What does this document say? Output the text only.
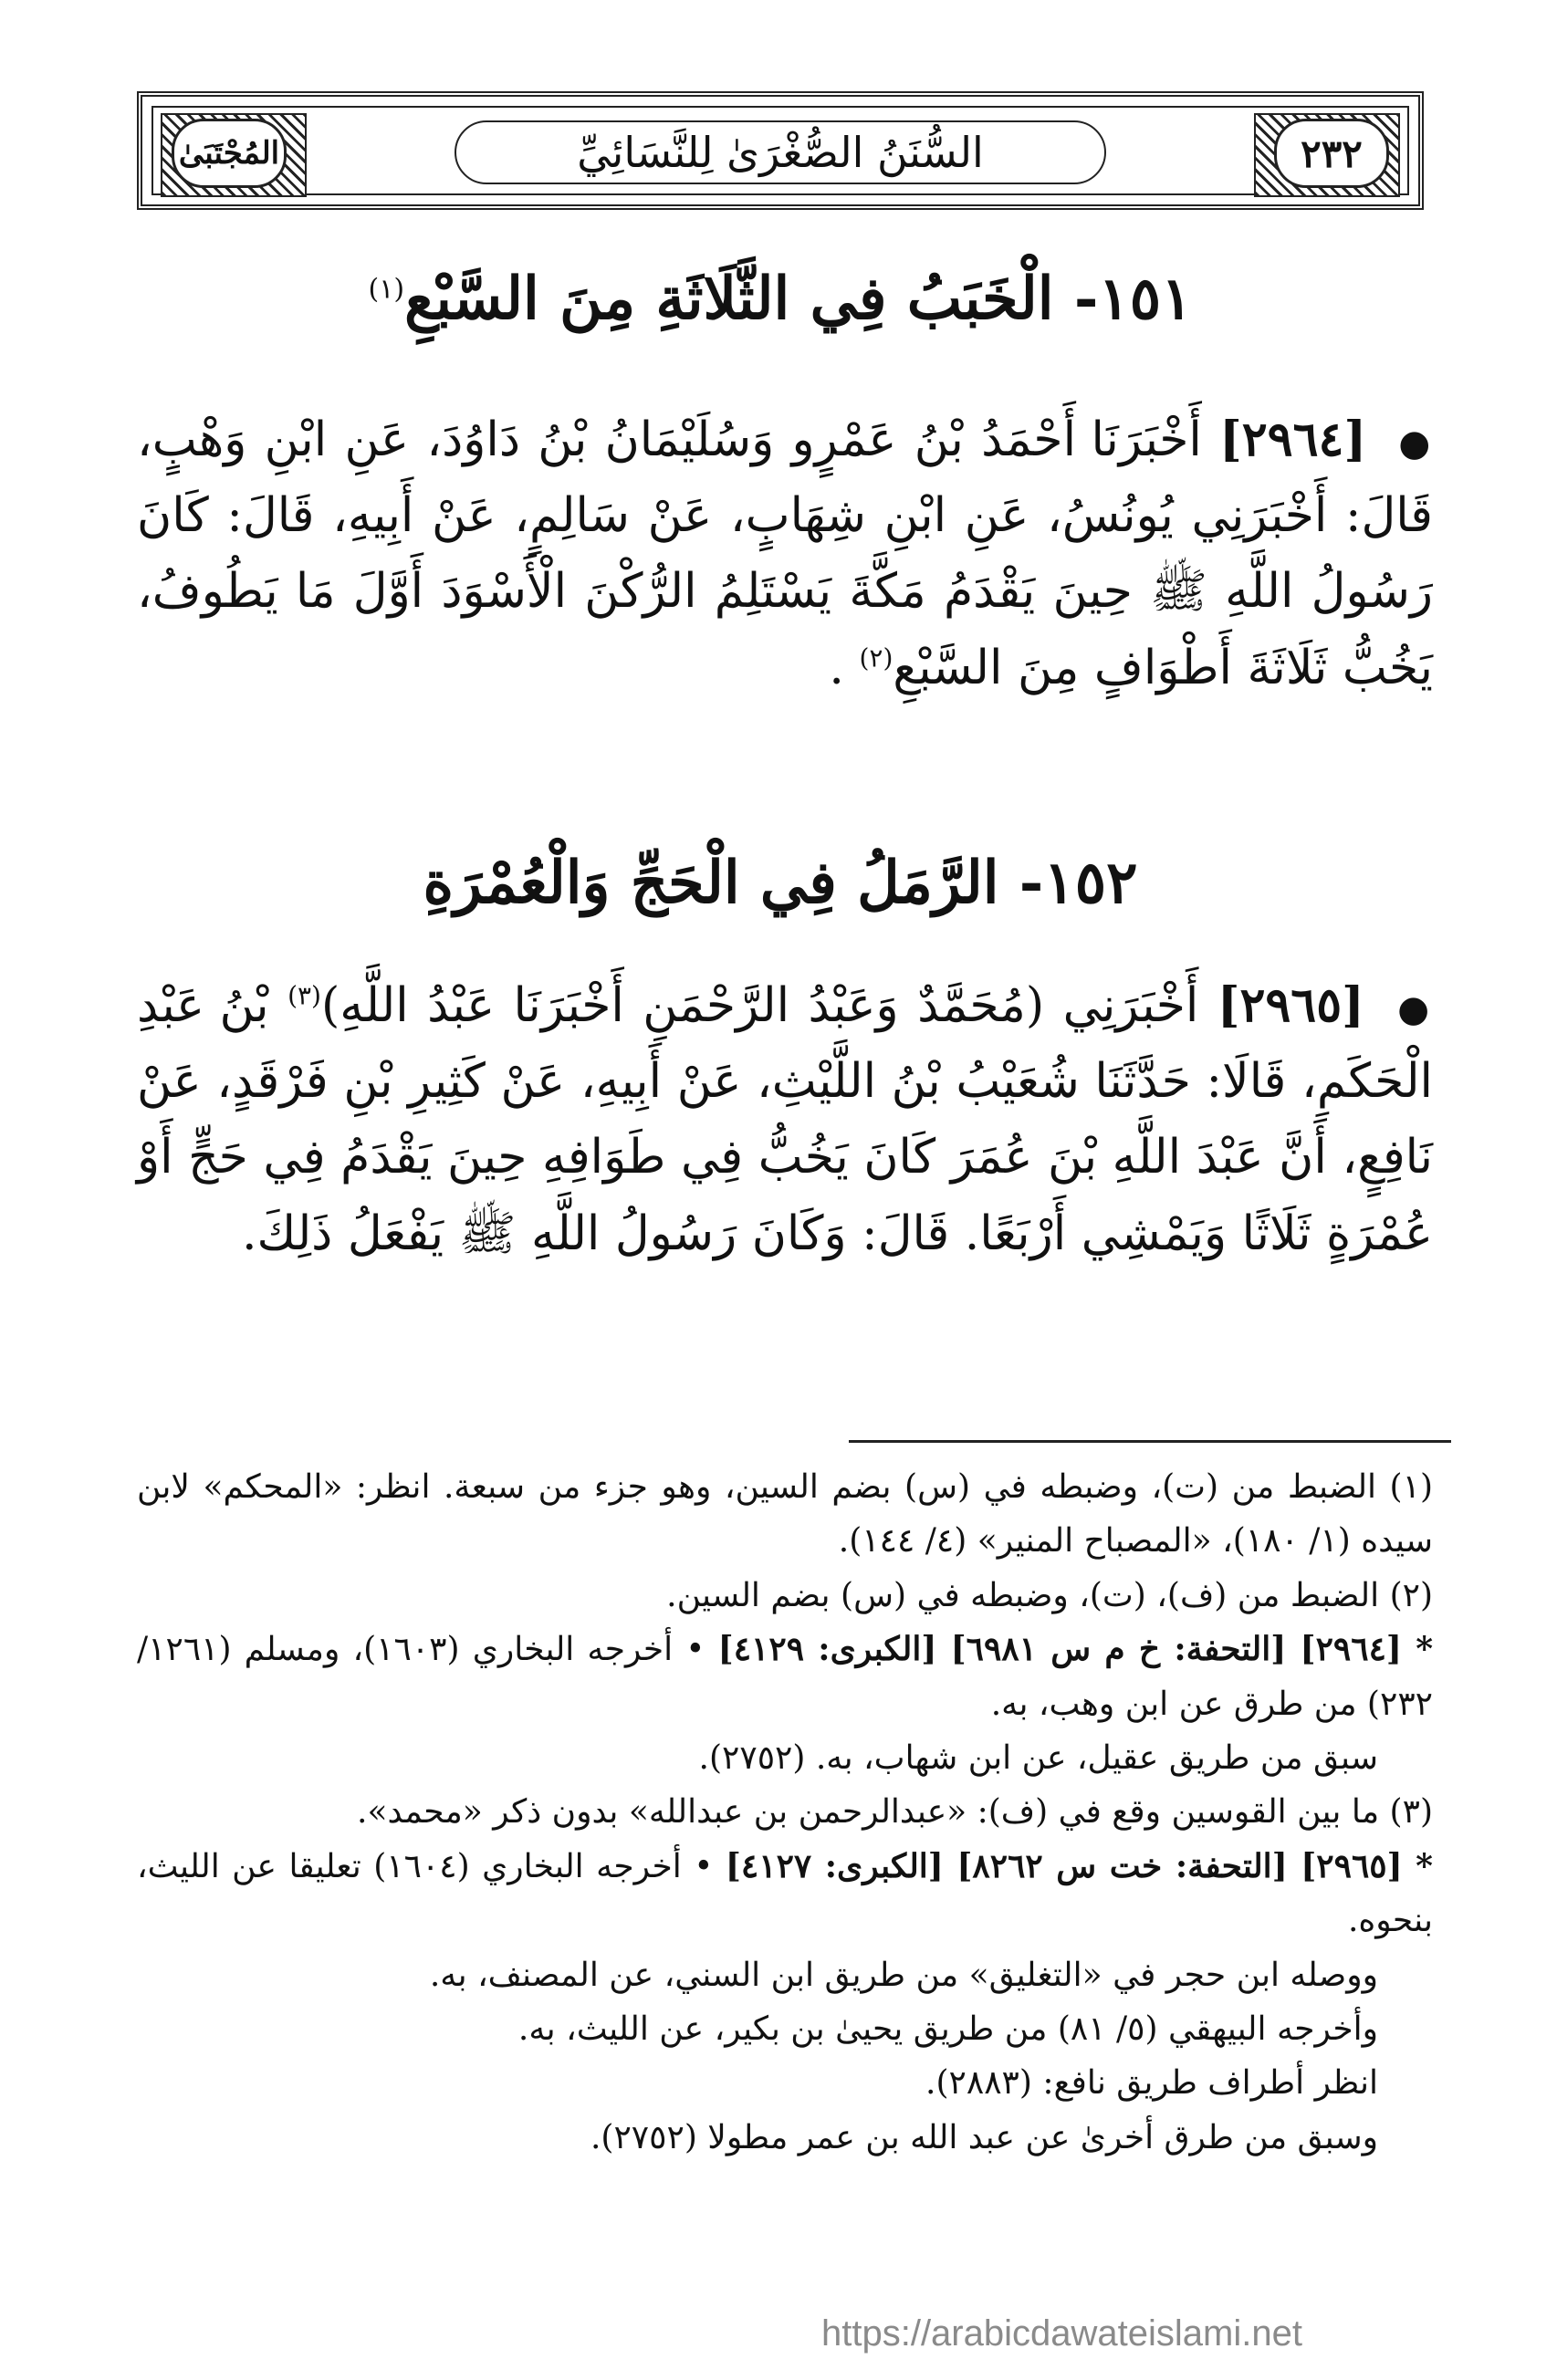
٢٣٢
المُجْتَبَىٰ	السُّنَنُ الصُّغْرَىٰ لِلنَّسَائِيِّ
١٥١- الْخَبَبُ فِي الثَّلَاثَةِ مِنَ السَّبْعِ$^{(١)}$
● [٢٩٦٤] أَخْبَرَنَا أَحْمَدُ بْنُ عَمْرٍو وَسُلَيْمَانُ بْنُ دَاوُدَ، عَنِ ابْنِ وَهْبٍ، قَالَ: أَخْبَرَنِي يُونُسُ، عَنِ ابْنِ شِهَابٍ، عَنْ سَالِمٍ، عَنْ أَبِيهِ، قَالَ: كَانَ رَسُولُ اللَّهِ ﷺ حِينَ يَقْدَمُ مَكَّةَ يَسْتَلِمُ الرُّكْنَ الْأَسْوَدَ أَوَّلَ مَا يَطُوفُ، يَخُبُّ ثَلَاثَةَ أَطْوَافٍ مِنَ السَّبْعِ$^{(٢)}$ .
١٥٢- الرَّمَلُ فِي الْحَجِّ وَالْعُمْرَةِ
● [٢٩٦٥] أَخْبَرَنِي (مُحَمَّدٌ وَعَبْدُ الرَّحْمَنِ أَخْبَرَنَا عَبْدُ اللَّهِ)$^{(٣)}$ بْنُ عَبْدِ الْحَكَمِ، قَالَا: حَدَّثَنَا شُعَيْبُ بْنُ اللَّيْثِ، عَنْ أَبِيهِ، عَنْ كَثِيرِ بْنِ فَرْقَدٍ، عَنْ نَافِعٍ، أَنَّ عَبْدَ اللَّهِ بْنَ عُمَرَ كَانَ يَخُبُّ فِي طَوَافِهِ حِينَ يَقْدَمُ فِي حَجٍّ أَوْ عُمْرَةٍ ثَلَاثًا وَيَمْشِي أَرْبَعًا. قَالَ: وَكَانَ رَسُولُ اللَّهِ ﷺ يَفْعَلُ ذَلِكَ.

(١) الضبط من (ت)، وضبطه في (س) بضم السين، وهو جزء من سبعة. انظر: «المحكم» لابن سيده (١/ ١٨٠)، «المصباح المنير» (٤/ ١٤٤).

(٢) الضبط من (ف)، (ت)، وضبطه في (س) بضم السين.

* [٢٩٦٤] [التحفة: خ م س ٦٩٨١] [الكبرى: ٤١٢٩] • أخرجه البخاري (١٦٠٣)، ومسلم (١٢٦١/ ٢٣٢) من طرق عن ابن وهب، به.

سبق من طريق عقيل، عن ابن شهاب، به. (٢٧٥٢).

(٣) ما بين القوسين وقع في (ف): «عبدالرحمن بن عبدالله» بدون ذكر «محمد».

* [٢٩٦٥] [التحفة: خت س ٨٢٦٢] [الكبرى: ٤١٢٧] • أخرجه البخاري (١٦٠٤) تعليقا عن الليث، بنحوه.

ووصله ابن حجر في «التغليق» من طريق ابن السني، عن المصنف، به.

وأخرجه البيهقي (٥/ ٨١) من طريق يحيىٰ بن بكير، عن الليث، به.

انظر أطراف طريق نافع: (٢٨٨٣).

وسبق من طرق أخرىٰ عن عبد الله بن عمر مطولا (٢٧٥٢).

https://arabicdawateislami.net
